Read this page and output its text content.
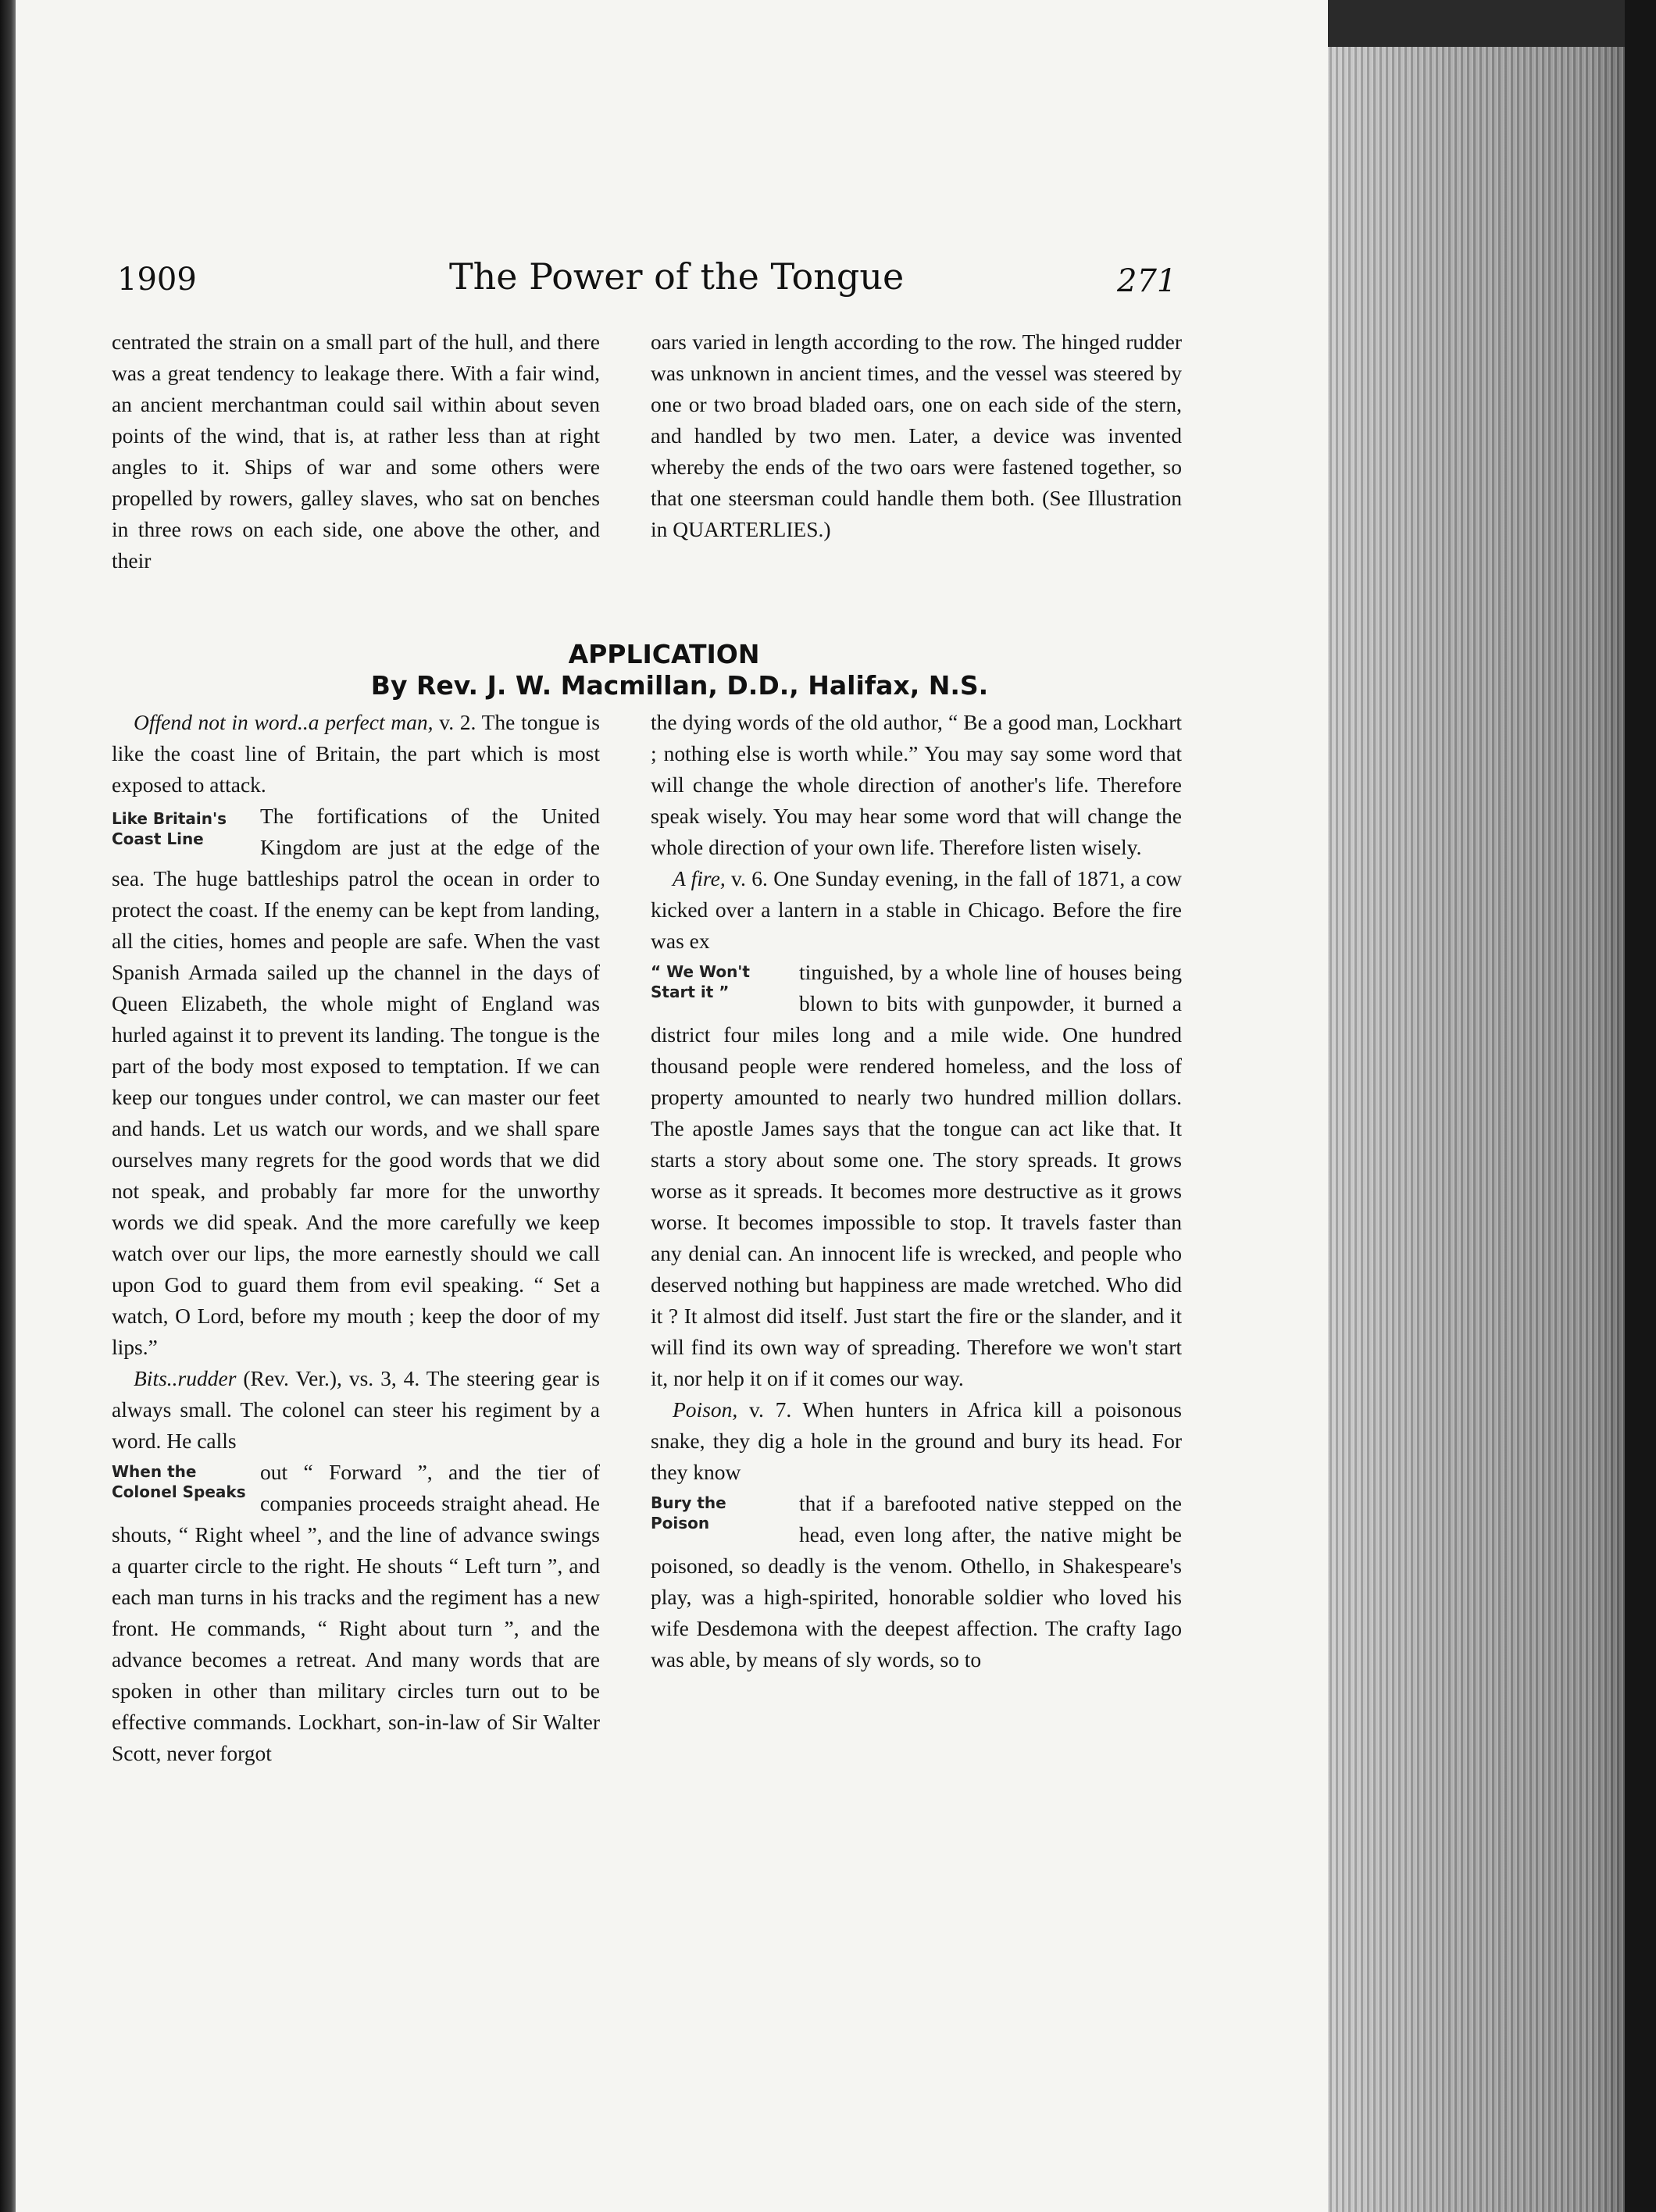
1909	The Power of the Tongue	271

centrated the strain on a small part of the hull, and there was a great tendency to leakage there. With a fair wind, an ancient merchantman could sail within about seven points of the wind, that is, at rather less than at right angles to it. Ships of war and some others were propelled by rowers, galley slaves, who sat on benches in three rows on each side, one above the other, and their

oars varied in length according to the row. The hinged rudder was unknown in ancient times, and the vessel was steered by one or two broad bladed oars, one on each side of the stern, and handled by two men. Later, a device was invented whereby the ends of the two oars were fastened together, so that one steersman could handle them both. (See Illustration in QUARTERLIES.)

APPLICATION
By Rev. J. W. Macmillan, D.D., Halifax, N.S.

Offend not in word..a perfect man, v. 2. The tongue is like the coast line of Britain, the part which is most exposed to attack.

Like Britain's Coast Line
The fortifications of the United Kingdom are just at the edge of the sea. The huge battleships patrol the ocean in order to protect the coast. If the enemy can be kept from landing, all the cities, homes and people are safe. When the vast Spanish Armada sailed up the channel in the days of Queen Elizabeth, the whole might of England was hurled against it to prevent its landing. The tongue is the part of the body most exposed to temptation. If we can keep our tongues under control, we can master our feet and hands. Let us watch our words, and we shall spare ourselves many regrets for the good words that we did not speak, and probably far more for the unworthy words we did speak. And the more carefully we keep watch over our lips, the more earnestly should we call upon God to guard them from evil speaking. “ Set a watch, O Lord, before my mouth ; keep the door of my lips.”

Bits..rudder (Rev. Ver.), vs. 3, 4. The steering gear is always small. The colonel can steer his regiment by a word. He calls

When the Colonel Speaks
out “ Forward ”, and the tier of companies proceeds straight ahead. He shouts, “ Right wheel ”, and the line of advance swings a quarter circle to the right. He shouts “ Left turn ”, and each man turns in his tracks and the regiment has a new front. He commands, “ Right about turn ”, and the advance becomes a retreat. And many words that are spoken in other than military circles turn out to be effective commands. Lockhart, son-in-law of Sir Walter Scott, never forgot

the dying words of the old author, “ Be a good man, Lockhart ; nothing else is worth while.” You may say some word that will change the whole direction of another's life. Therefore speak wisely. You may hear some word that will change the whole direction of your own life. Therefore listen wisely.

A fire, v. 6. One Sunday evening, in the fall of 1871, a cow kicked over a lantern in a stable in Chicago. Before the fire was ex

“ We Won't Start it ”
tinguished, by a whole line of houses being blown to bits with gunpowder, it burned a district four miles long and a mile wide. One hundred thousand people were rendered homeless, and the loss of property amounted to nearly two hundred million dollars. The apostle James says that the tongue can act like that. It starts a story about some one. The story spreads. It grows worse as it spreads. It becomes more destructive as it grows worse. It becomes impossible to stop. It travels faster than any denial can. An innocent life is wrecked, and people who deserved nothing but happiness are made wretched. Who did it ? It almost did itself. Just start the fire or the slander, and it will find its own way of spreading. Therefore we won't start it, nor help it on if it comes our way.

Poison, v. 7. When hunters in Africa kill a poisonous snake, they dig a hole in the ground and bury its head. For they know

Bury the Poison
that if a barefooted native stepped on the head, even long after, the native might be poisoned, so deadly is the venom. Othello, in Shakespeare's play, was a high-spirited, honorable soldier who loved his wife Desdemona with the deepest affection. The crafty Iago was able, by means of sly words, so to
